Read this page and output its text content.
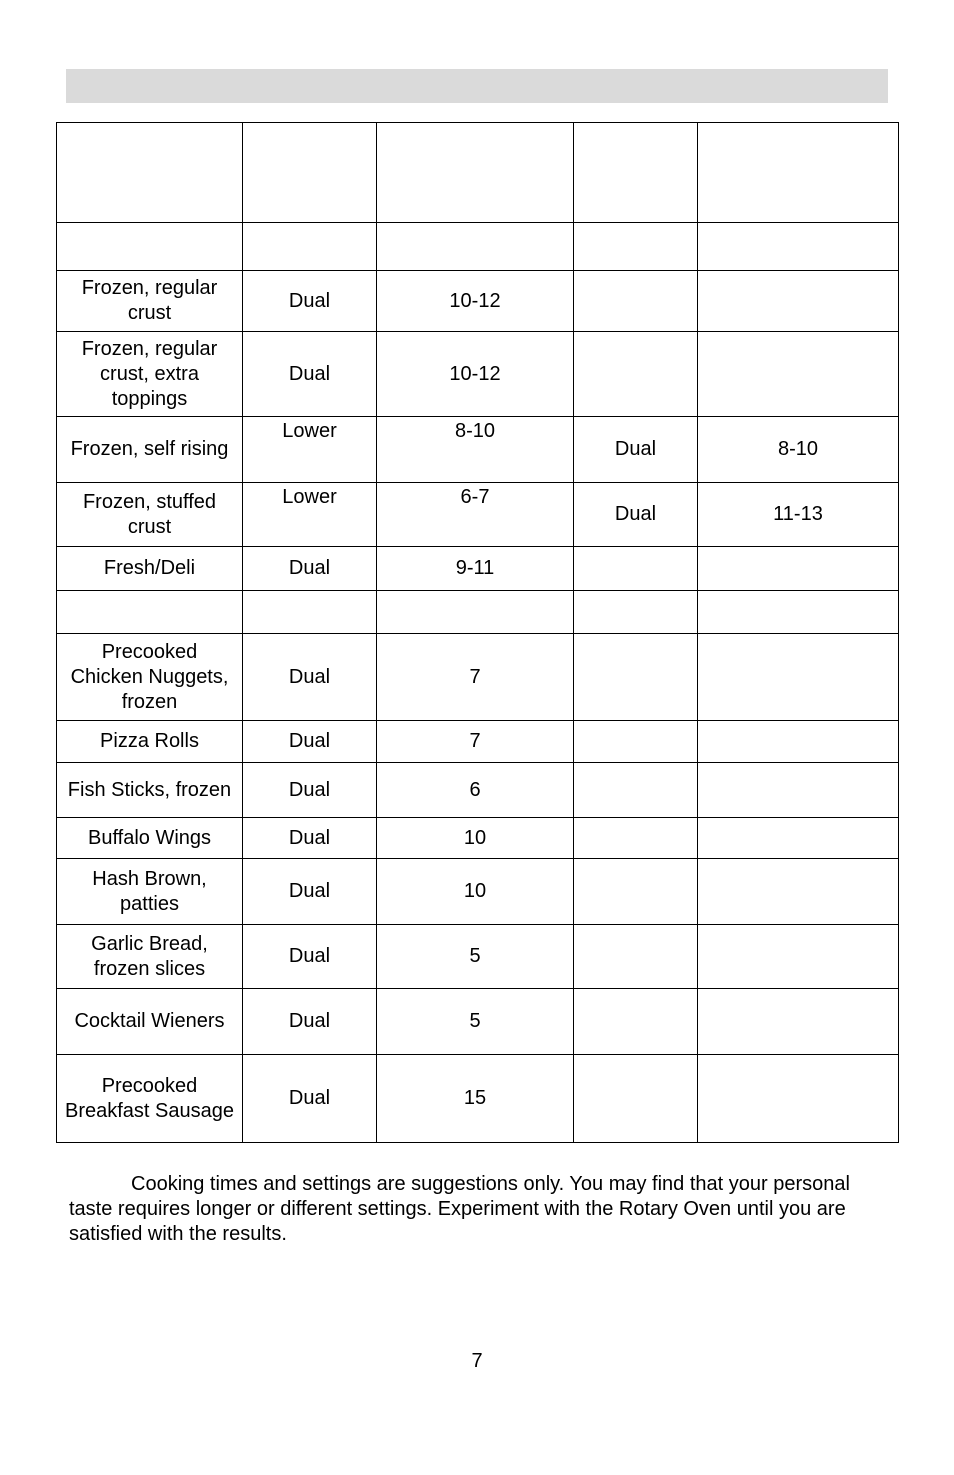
Frozen, regular crust	Dual	10-12		
Frozen, regular crust, extra toppings	Dual	10-12		
Frozen, self rising	Lower	8-10	Dual	8-10
Frozen, stuffed crust	Lower	6-7	Dual	11-13
Fresh/Deli	Dual	9-11		

Precooked Chicken Nuggets, frozen	Dual	7		
Pizza Rolls	Dual	7		
Fish Sticks, frozen	Dual	6		
Buffalo Wings	Dual	10		
Hash Brown, patties	Dual	10		
Garlic Bread, frozen slices	Dual	5		
Cocktail Wieners	Dual	5		
Precooked Breakfast Sausage	Dual	15		

Cooking times and settings are suggestions only. You may find that your personal taste requires longer or different settings. Experiment with the Rotary Oven until you are satisfied with the results.

7
